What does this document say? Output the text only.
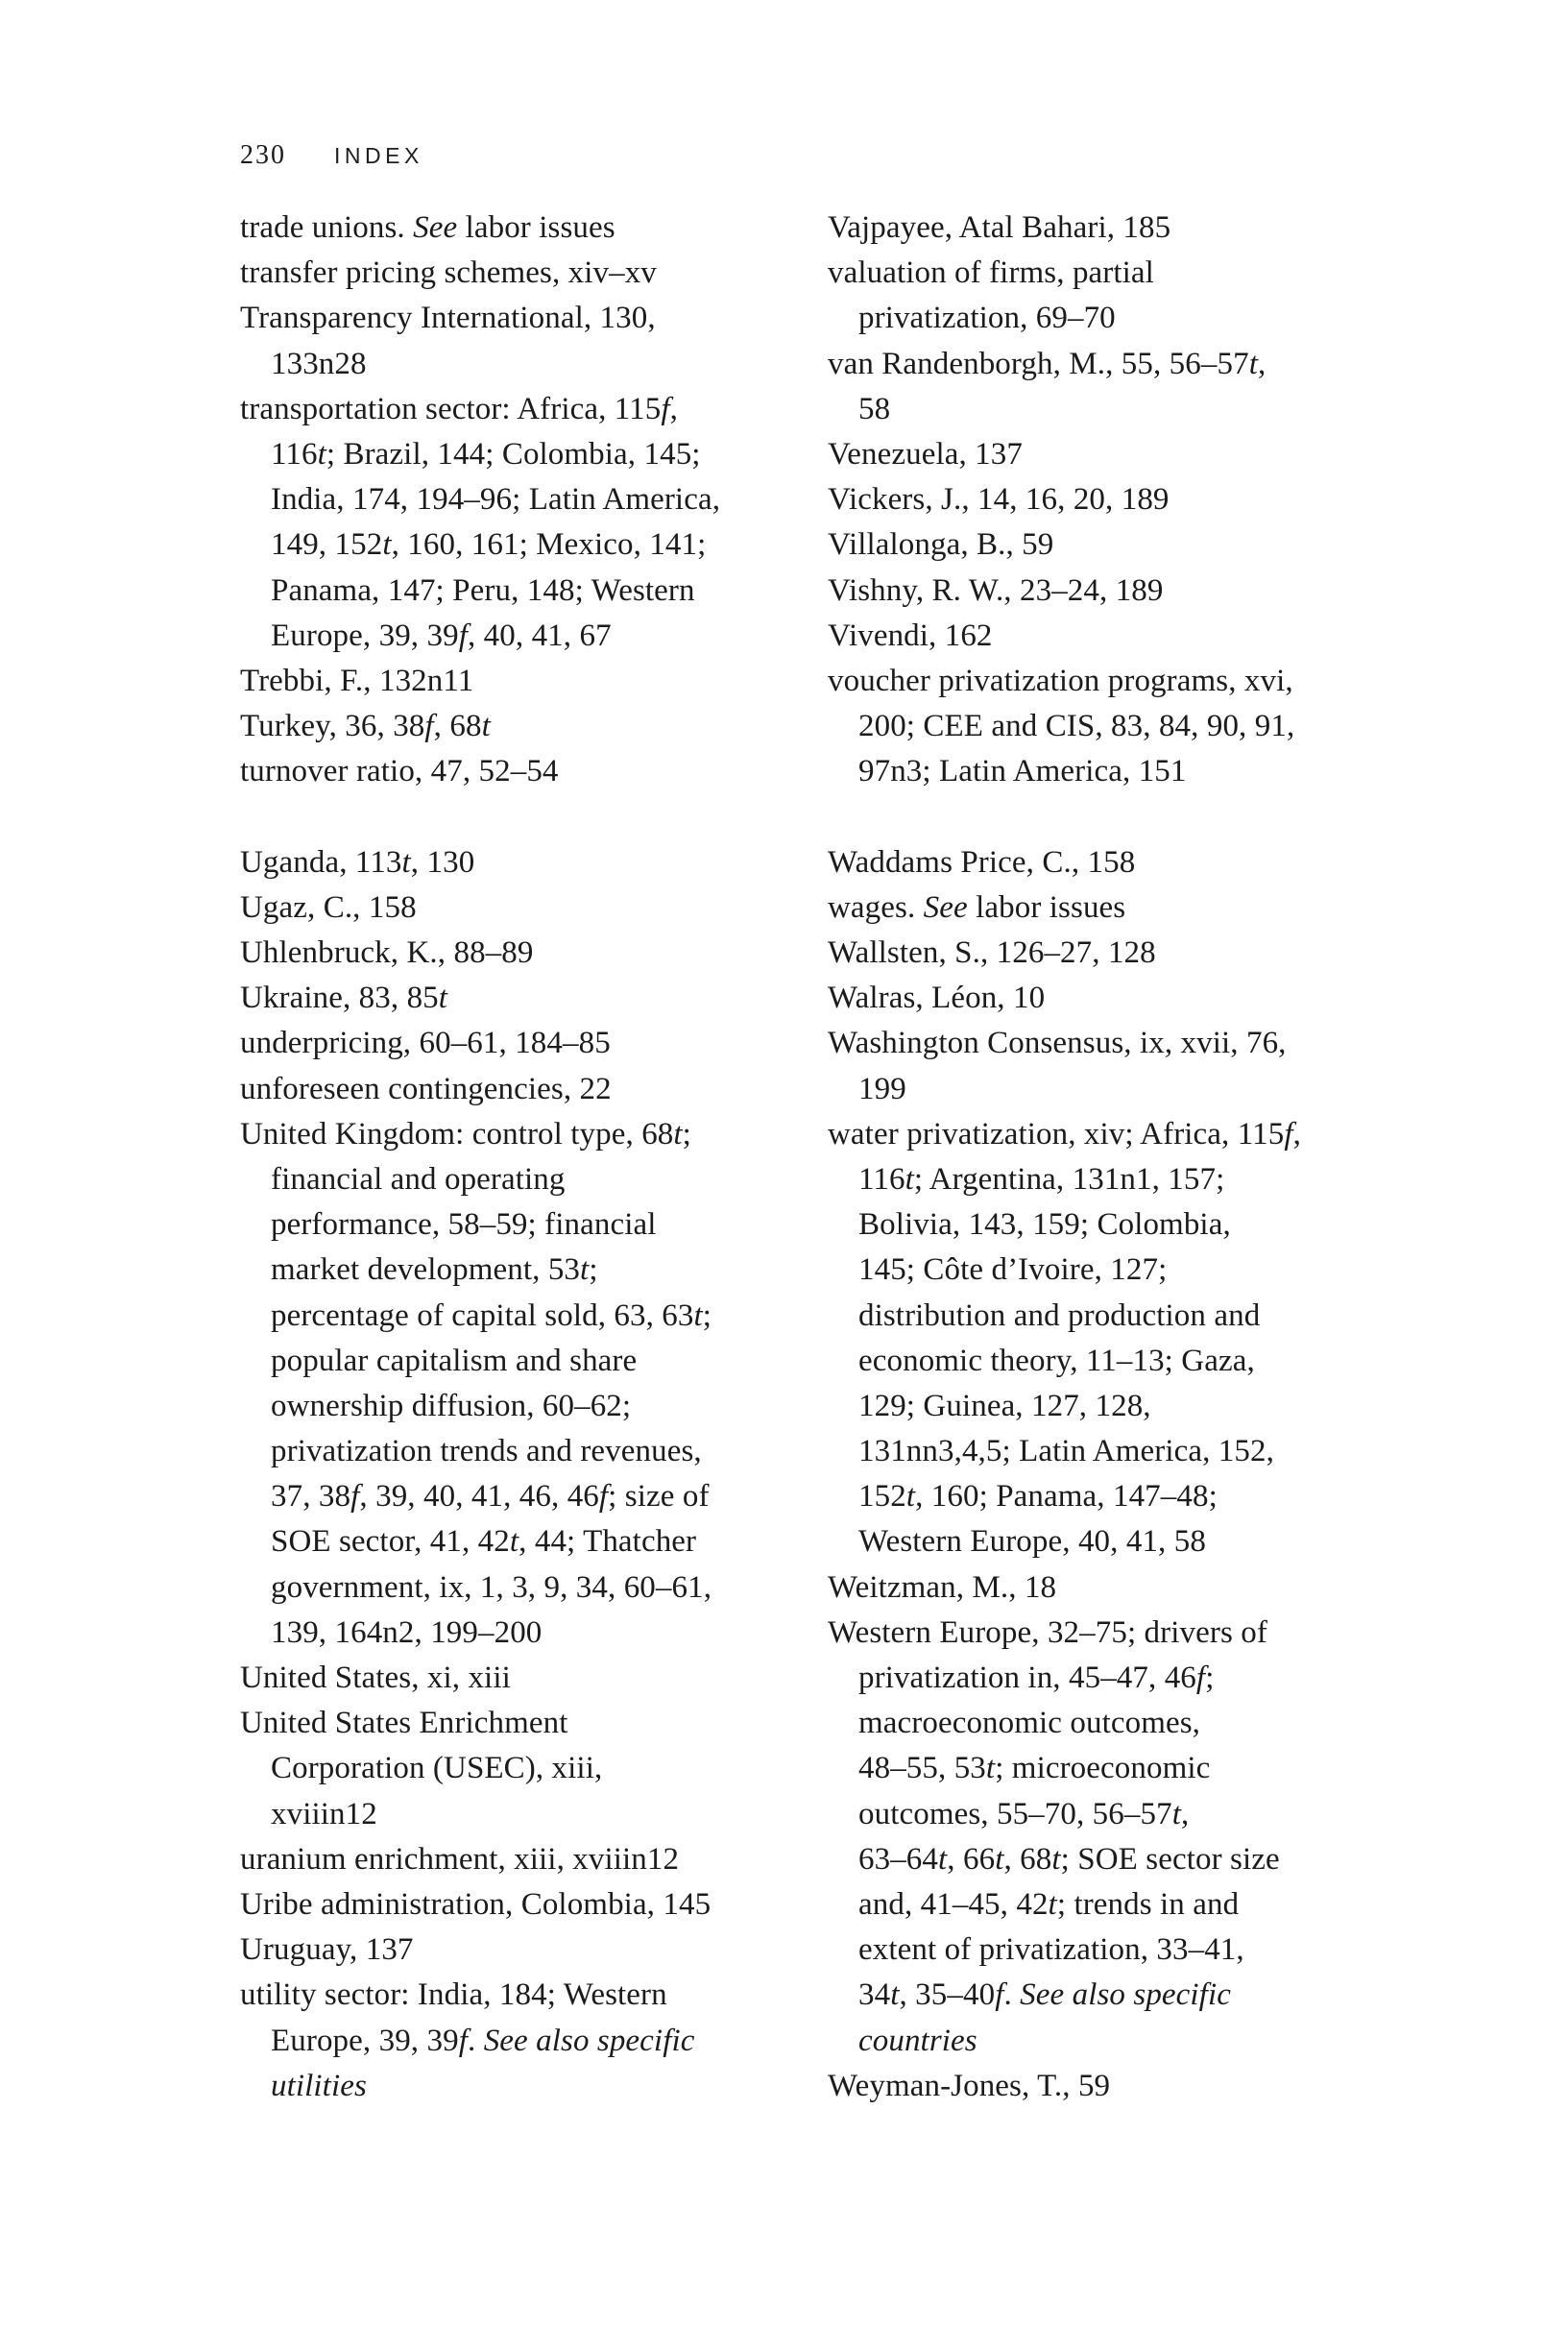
230 INDEX
trade unions. See labor issues
transfer pricing schemes, xiv–xv
Transparency International, 130,
133n28
transportation sector: Africa, 115f,
116t; Brazil, 144; Colombia, 145;
India, 174, 194–96; Latin America,
149, 152t, 160, 161; Mexico, 141;
Panama, 147; Peru, 148; Western
Europe, 39, 39f, 40, 41, 67
Trebbi, F., 132n11
Turkey, 36, 38f, 68t
turnover ratio, 47, 52–54
Uganda, 113t, 130
Ugaz, C., 158
Uhlenbruck, K., 88–89
Ukraine, 83, 85t
underpricing, 60–61, 184–85
unforeseen contingencies, 22
United Kingdom: control type, 68t;
financial and operating
performance, 58–59; financial
market development, 53t;
percentage of capital sold, 63, 63t;
popular capitalism and share
ownership diffusion, 60–62;
privatization trends and revenues,
37, 38f, 39, 40, 41, 46, 46f; size of
SOE sector, 41, 42t, 44; Thatcher
government, ix, 1, 3, 9, 34, 60–61,
139, 164n2, 199–200
United States, xi, xiii
United States Enrichment
Corporation (USEC), xiii,
xviiin12
uranium enrichment, xiii, xviiin12
Uribe administration, Colombia, 145
Uruguay, 137
utility sector: India, 184; Western
Europe, 39, 39f. See also specific
utilities
Vajpayee, Atal Bahari, 185
valuation of firms, partial
privatization, 69–70
van Randenborgh, M., 55, 56–57t,
58
Venezuela, 137
Vickers, J., 14, 16, 20, 189
Villalonga, B., 59
Vishny, R. W., 23–24, 189
Vivendi, 162
voucher privatization programs, xvi,
200; CEE and CIS, 83, 84, 90, 91,
97n3; Latin America, 151
Waddams Price, C., 158
wages. See labor issues
Wallsten, S., 126–27, 128
Walras, Léon, 10
Washington Consensus, ix, xvii, 76,
199
water privatization, xiv; Africa, 115f,
116t; Argentina, 131n1, 157;
Bolivia, 143, 159; Colombia,
145; Côte d’Ivoire, 127;
distribution and production and
economic theory, 11–13; Gaza,
129; Guinea, 127, 128,
131nn3,4,5; Latin America, 152,
152t, 160; Panama, 147–48;
Western Europe, 40, 41, 58
Weitzman, M., 18
Western Europe, 32–75; drivers of
privatization in, 45–47, 46f;
macroeconomic outcomes,
48–55, 53t; microeconomic
outcomes, 55–70, 56–57t,
63–64t, 66t, 68t; SOE sector size
and, 41–45, 42t; trends in and
extent of privatization, 33–41,
34t, 35–40f. See also specific
countries
Weyman-Jones, T., 59
